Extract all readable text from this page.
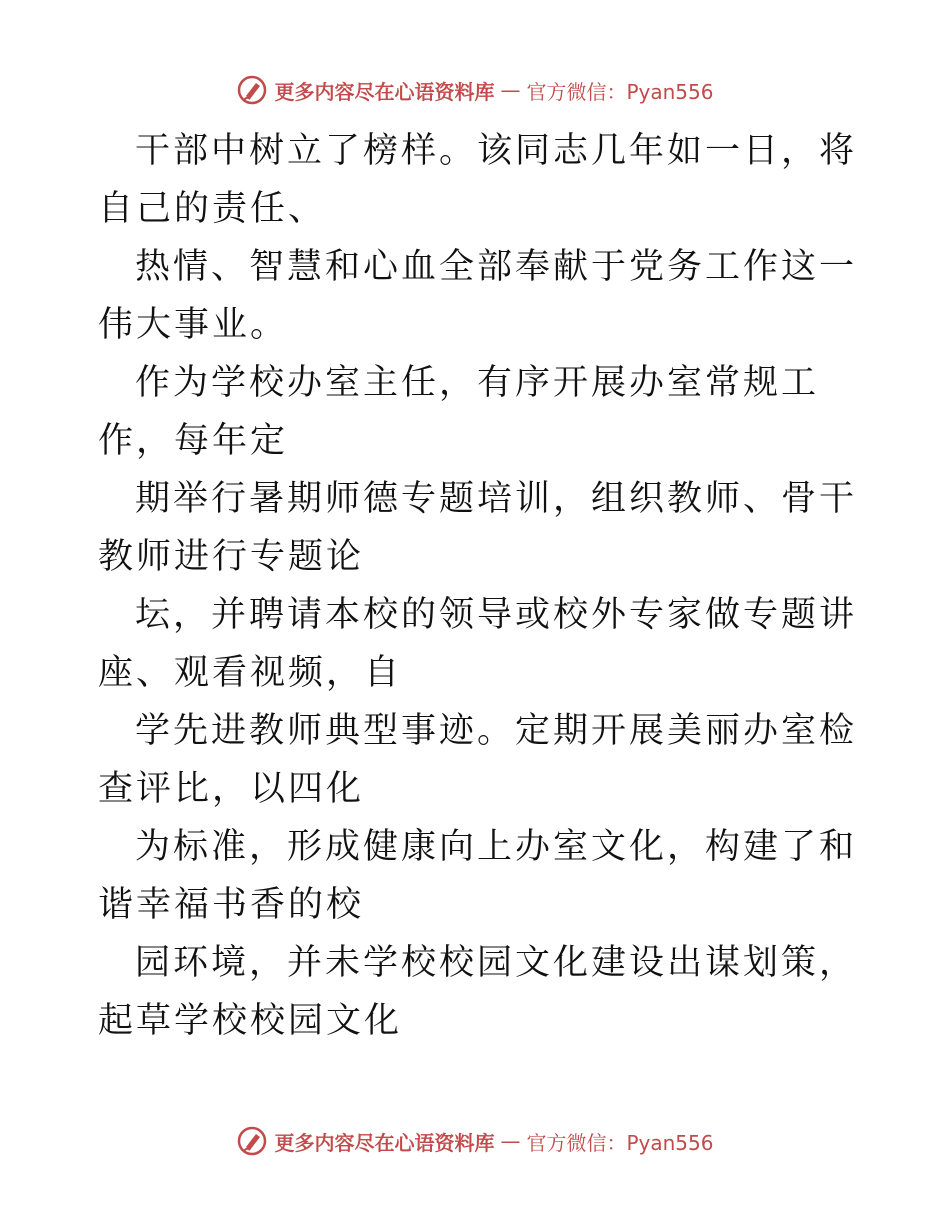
更多内容尽在心语资料库 — 官方微信：Pyan556

干部中树立了榜样。该同志几年如一日，将自己的责任、

热情、智慧和心血全部奉献于党务工作这一伟大事业。

作为学校办室主任，有序开展办室常规工作，每年定

期举行暑期师德专题培训，组织教师、骨干教师进行专题论

坛，并聘请本校的领导或校外专家做专题讲座、观看视频，自

学先进教师典型事迹。定期开展美丽办室检查评比，以四化

为标准，形成健康向上办室文化，构建了和谐幸福书香的校

园环境，并未学校校园文化建设出谋划策，起草学校校园文化

更多内容尽在心语资料库 — 官方微信：Pyan556
